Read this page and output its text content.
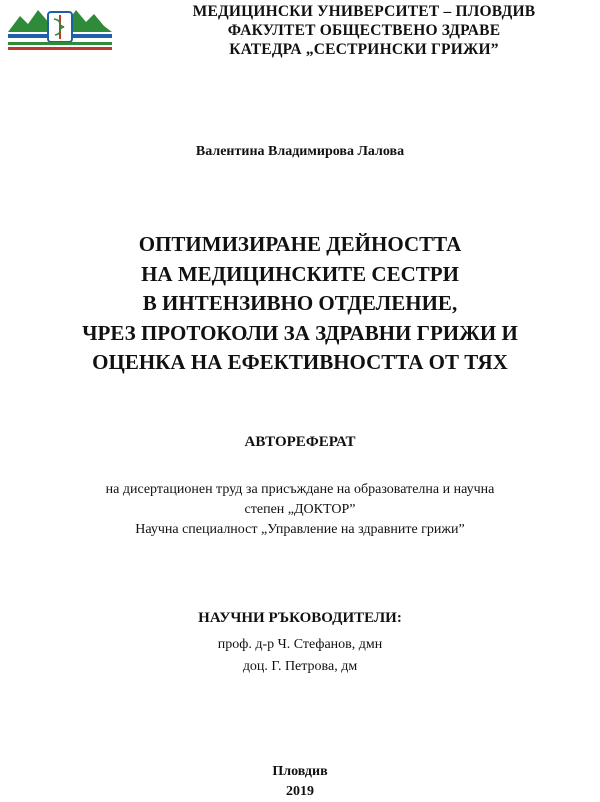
МЕДИЦИНСКИ УНИВЕРСИТЕТ – ПЛОВДИВ
ФАКУЛТЕТ ОБЩЕСТВЕНО ЗДРАВЕ
КАТЕДРА „СЕСТРИНСКИ ГРИЖИ”
Валентина Владимирова Лалова
ОПТИМИЗИРАНЕ ДЕЙНОСТТА
НА МЕДИЦИНСКИТЕ СЕСТРИ
В ИНТЕНЗИВНО ОТДЕЛЕНИЕ,
ЧРЕЗ ПРОТОКОЛИ ЗА ЗДРАВНИ ГРИЖИ И
ОЦЕНКА НА ЕФЕКТИВНОСТТА ОТ ТЯХ
АВТОРЕФЕРАТ
на дисертационен труд за присъждане на образователна и научна
степен „ДОКТОР”
Научна специалност „Управление на здравните грижи”
НАУЧНИ РЪКОВОДИТЕЛИ:
проф. д-р Ч. Стефанов, дмн
доц. Г. Петрова, дм
Пловдив
2019
